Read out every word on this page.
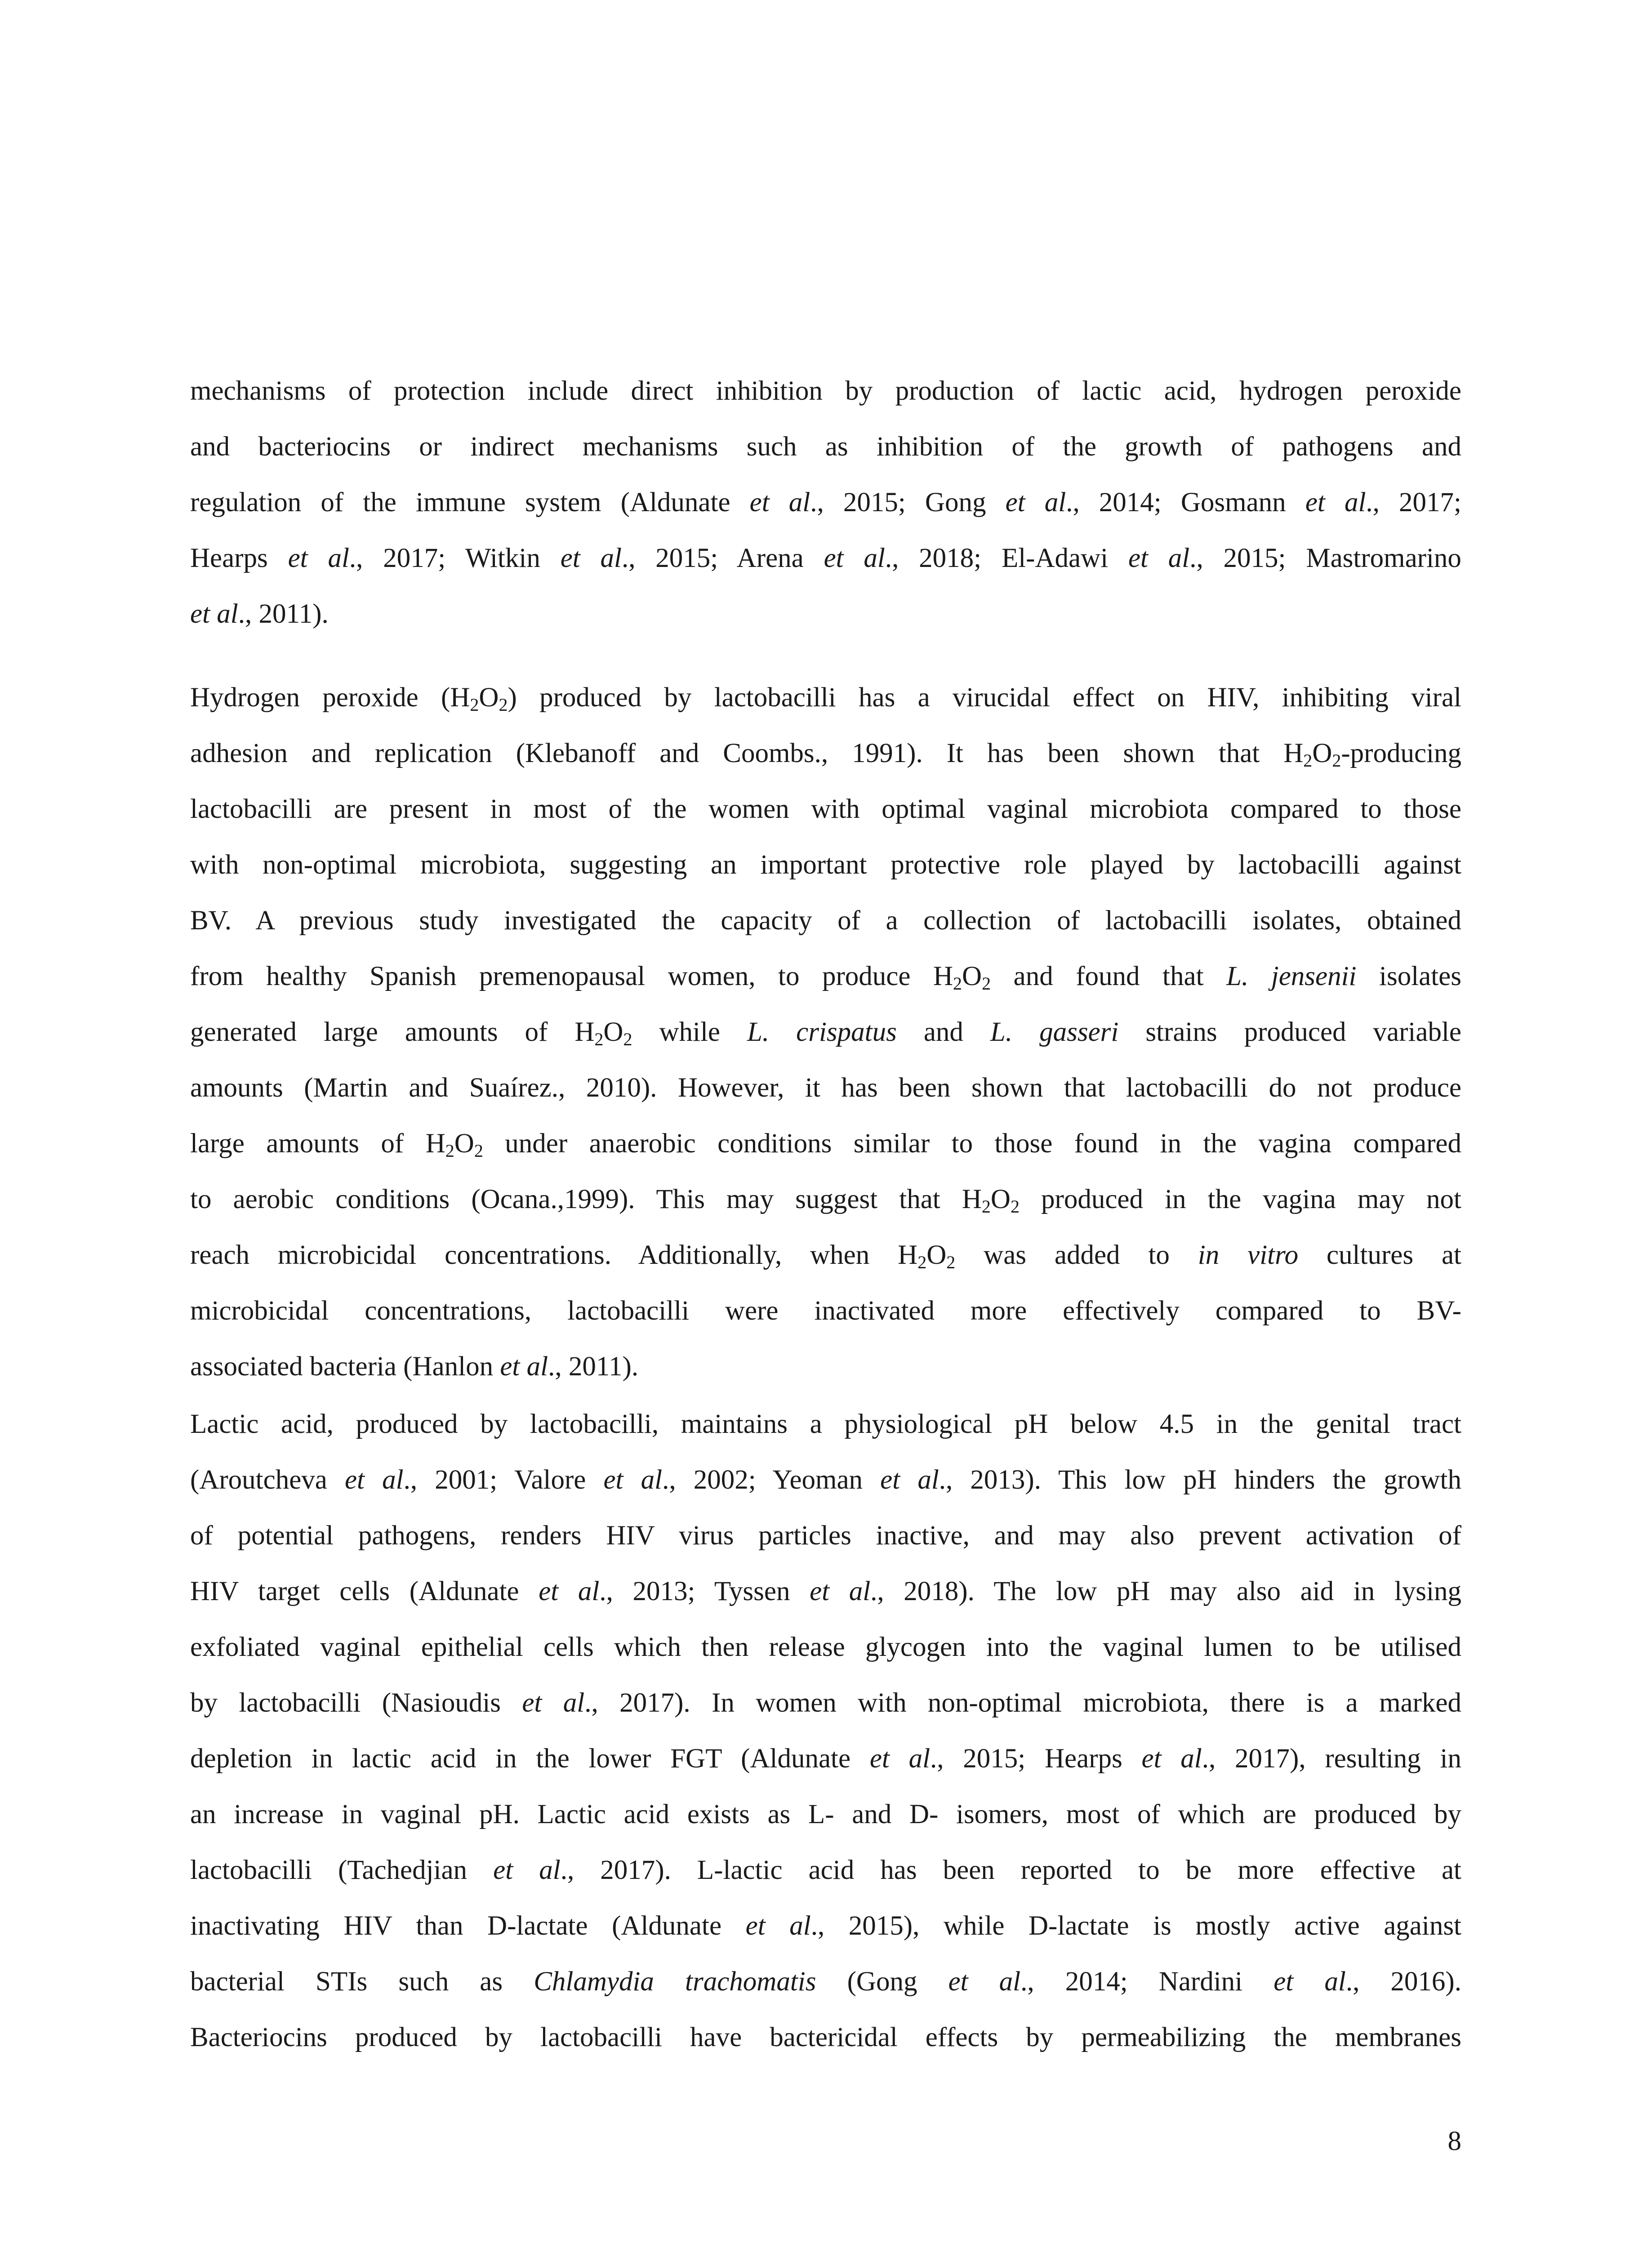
mechanisms of protection include direct inhibition by production of lactic acid, hydrogen peroxide
and bacteriocins or indirect mechanisms such as inhibition of the growth of pathogens and
regulation of the immune system (Aldunate et al., 2015; Gong et al., 2014; Gosmann et al., 2017;
Hearps et al., 2017; Witkin et al., 2015; Arena et al., 2018; El-Adawi et al., 2015; Mastromarino
et al., 2011).
Hydrogen peroxide $(H_2O_2)$ produced by lactobacilli has a virucidal effect on HIV, inhibiting viral
adhesion and replication (Klebanoff and Coombs., 1991). It has been shown that $H_2O_2$-producing
lactobacilli are present in most of the women with optimal vaginal microbiota compared to those
with non-optimal microbiota, suggesting an important protective role played by lactobacilli against
BV. A previous study investigated the capacity of a collection of lactobacilli isolates, obtained
from healthy Spanish premenopausal women, to produce $H_2O_2$ and found that L. jensenii isolates
generated large amounts of $H_2O_2$ while L. crispatus and L. gasseri strains produced variable
amounts (Martin and Suaírez., 2010). However, it has been shown that lactobacilli do not produce
large amounts of $H_2O_2$ under anaerobic conditions similar to those found in the vagina compared
to aerobic conditions (Ocana.,1999). This may suggest that $H_2O_2$ produced in the vagina may not
reach microbicidal concentrations. Additionally, when $H_2O_2$ was added to in vitro cultures at
microbicidal concentrations, lactobacilli were inactivated more effectively compared to BV-
associated bacteria (Hanlon et al., 2011).
Lactic acid, produced by lactobacilli, maintains a physiological pH below 4.5 in the genital tract
(Aroutcheva et al., 2001; Valore et al., 2002; Yeoman et al., 2013). This low pH hinders the growth
of potential pathogens, renders HIV virus particles inactive, and may also prevent activation of
HIV target cells (Aldunate et al., 2013; Tyssen et al., 2018). The low pH may also aid in lysing
exfoliated vaginal epithelial cells which then release glycogen into the vaginal lumen to be utilised
by lactobacilli (Nasioudis et al., 2017). In women with non-optimal microbiota, there is a marked
depletion in lactic acid in the lower FGT (Aldunate et al., 2015; Hearps et al., 2017), resulting in
an increase in vaginal pH. Lactic acid exists as L- and D- isomers, most of which are produced by
lactobacilli (Tachedjian et al., 2017). L-lactic acid has been reported to be more effective at
inactivating HIV than D-lactate (Aldunate et al., 2015), while D-lactate is mostly active against
bacterial STIs such as Chlamydia trachomatis (Gong et al., 2014; Nardini et al., 2016).
Bacteriocins produced by lactobacilli have bactericidal effects by permeabilizing the membranes
8
